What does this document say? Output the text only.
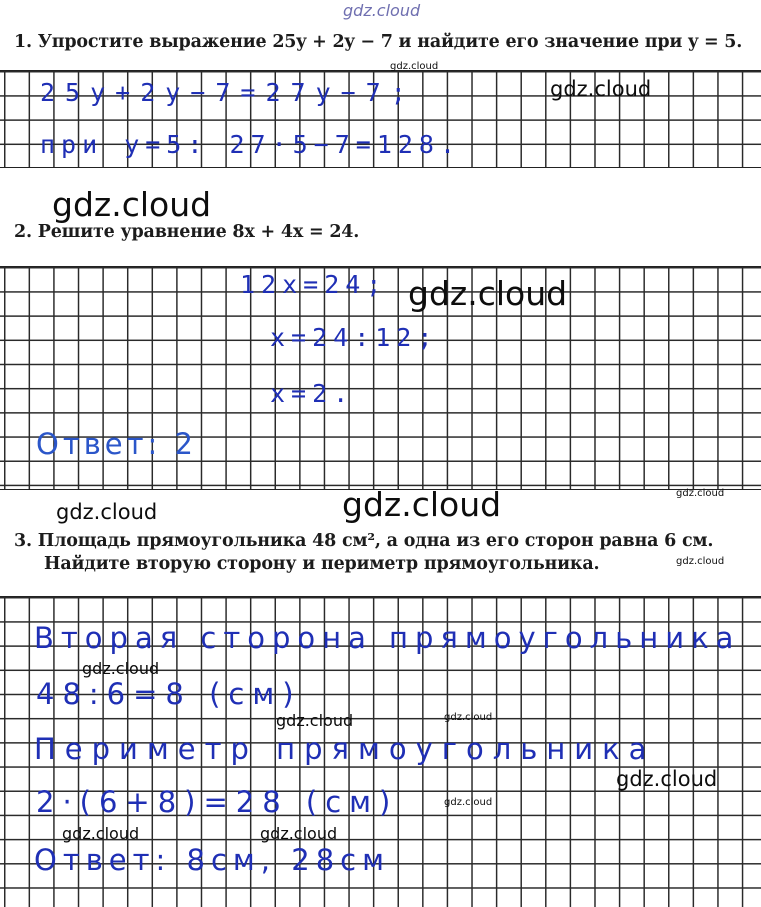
gdz.cloud
1. Упростите выражение 25y + 2y − 7 и найдите его значение при y = 5.
25y+2y−7=27y−7;
при y=5: 27·5−7=128.
2. Решите уравнение 8x + 4x = 24.
12x=24;
x=24:12;
x=2.
Ответ: 2
3. Площадь прямоугольника 48 см², а одна из его сторон равна 6 см.
Найдите вторую сторону и периметр прямоугольника.
Вторая сторона прямоугольника
48:6=8 (см)
Периметр прямоугольника
2·(6+8)=28 (см)
Ответ: 8см, 28см
gdz.cloud
gdz.cloud
gdz.cloud
gdz.cloud
gdz.cloud
gdz.cloud
gdz.cloud
gdz.cloud
gdz.cloud
gdz.cloud	gdz.cloud
gdz.cloud
gdz.cloud
gdz.cloud	gdz.cloud
